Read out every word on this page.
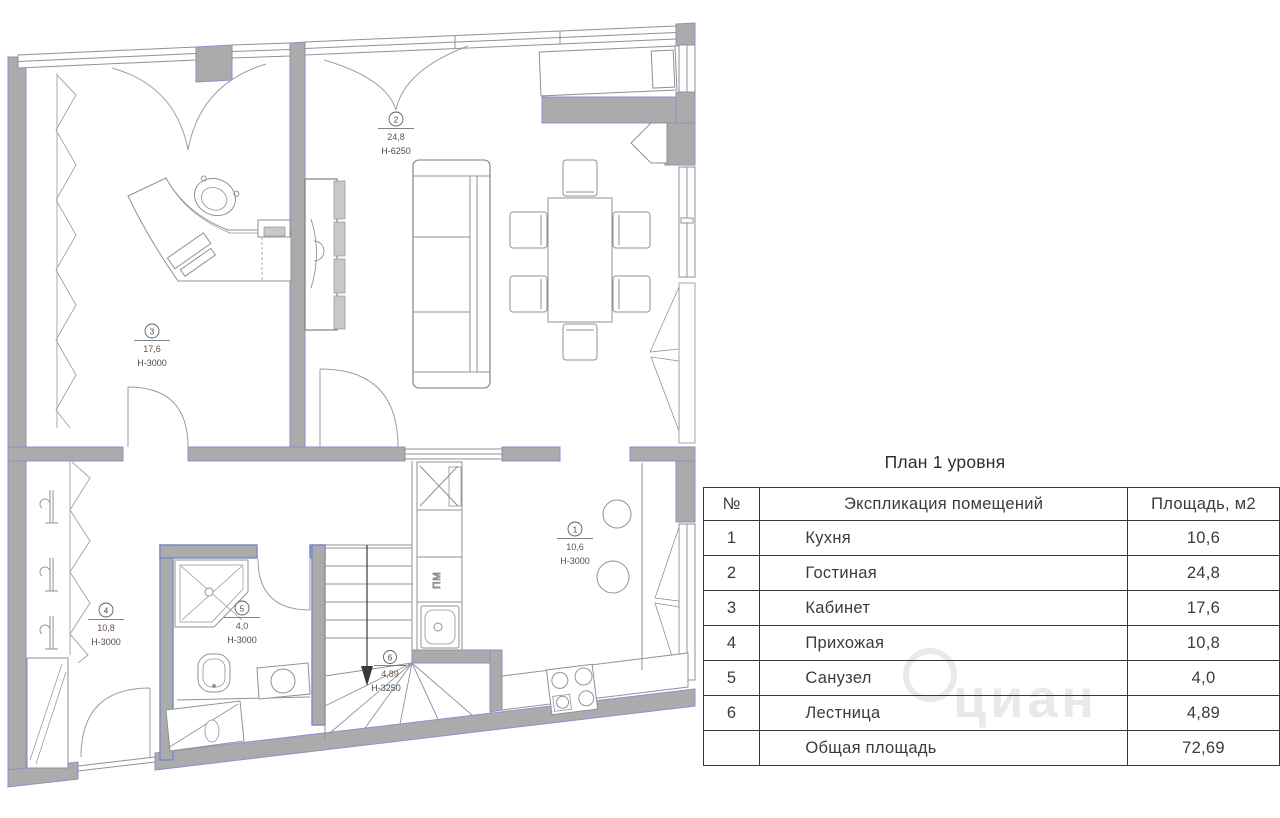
циан
ПМ
1
10,6
Н-3000
2
24,8
Н-6250
3
17,6
Н-3000
4
10,8
Н-3000
5
4,0
Н-3000
6
4,89
Н-3250
План 1 уровня
№	Экспликация помещений	Площадь, м2
1	Кухня	10,6
2	Гостиная	24,8
3	Кабинет	17,6
4	Прихожая	10,8
5	Санузел	4,0
6	Лестница	4,89
	Общая площадь	72,69
